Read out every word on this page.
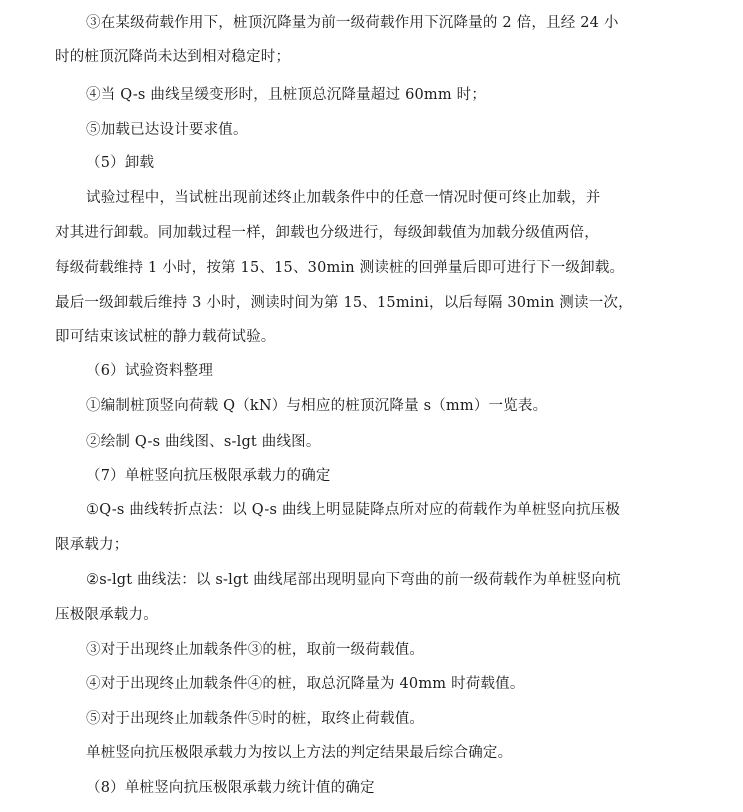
③在某级荷载作用下，桩顶沉降量为前一级荷载作用下沉降量的 2 倍，且经 24 小
时的桩顶沉降尚未达到相对稳定时；
④当 Q-s 曲线呈缓变形时，且桩顶总沉降量超过 60mm 时；
⑤加载已达设计要求值。
（5）卸载
试验过程中，当试桩出现前述终止加载条件中的任意一情况时便可终止加载，并
对其进行卸载。同加载过程一样，卸载也分级进行，每级卸载值为加载分级值两倍，
每级荷载维持 1 小时，按第 15、15、30min 测读桩的回弹量后即可进行下一级卸载。
最后一级卸载后维持 3 小时，测读时间为第 15、15mini，以后每隔 30min 测读一次，
即可结束该试桩的静力载荷试验。
（6）试验资料整理
①编制桩顶竖向荷载 Q（kN）与相应的桩顶沉降量 s（mm）一览表。
②绘制 Q-s 曲线图、s-lgt 曲线图。
（7）单桩竖向抗压极限承载力的确定
①Q-s 曲线转折点法：以 Q-s 曲线上明显陡降点所对应的荷载作为单桩竖向抗压极
限承载力；
②s-lgt 曲线法：以 s-lgt 曲线尾部出现明显向下弯曲的前一级荷载作为单桩竖向杭
压极限承载力。
③对于出现终止加载条件③的桩，取前一级荷载值。
④对于出现终止加载条件④的桩，取总沉降量为 40mm 时荷载值。
⑤对于出现终止加载条件⑤时的桩，取终止荷载值。
单桩竖向抗压极限承载力为按以上方法的判定结果最后综合确定。
（8）单桩竖向抗压极限承载力统计值的确定
